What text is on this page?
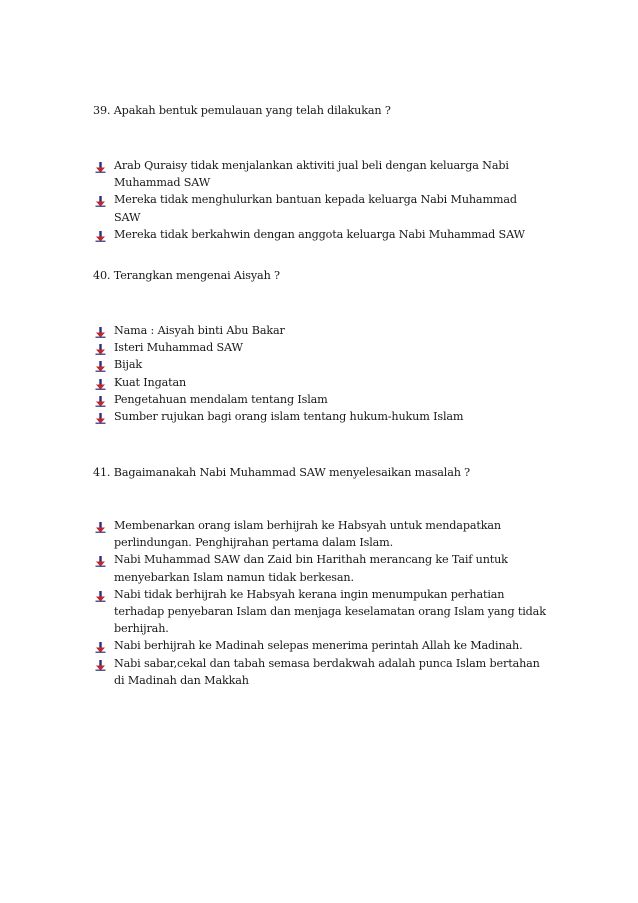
39. Apakah bentuk pemulauan yang telah dilakukan ?
Arab Quraisy tidak menjalankan aktiviti jual beli dengan keluarga Nabi Muhammad SAW
Mereka tidak menghulurkan bantuan kepada keluarga Nabi Muhammad SAW
Mereka tidak berkahwin dengan anggota keluarga Nabi Muhammad SAW
40. Terangkan mengenai Aisyah ?
Nama : Aisyah binti Abu Bakar
Isteri Muhammad SAW
Bijak
Kuat Ingatan
Pengetahuan mendalam tentang Islam
Sumber rujukan bagi orang islam tentang hukum-hukum Islam
41. Bagaimanakah Nabi Muhammad SAW menyelesaikan masalah ?
Membenarkan orang islam berhijrah ke Habsyah untuk mendapatkan perlindungan. Penghijrahan pertama dalam Islam.
Nabi Muhammad SAW dan Zaid bin Harithah merancang ke Taif untuk menyebarkan Islam namun tidak berkesan.
Nabi tidak berhijrah ke Habsyah kerana ingin menumpukan perhatian terhadap penyebaran Islam dan menjaga keselamatan orang Islam yang tidak berhijrah.
Nabi berhijrah ke Madinah selepas menerima perintah Allah ke Madinah.
Nabi sabar,cekal dan tabah semasa berdakwah adalah punca Islam bertahan di Madinah dan Makkah
